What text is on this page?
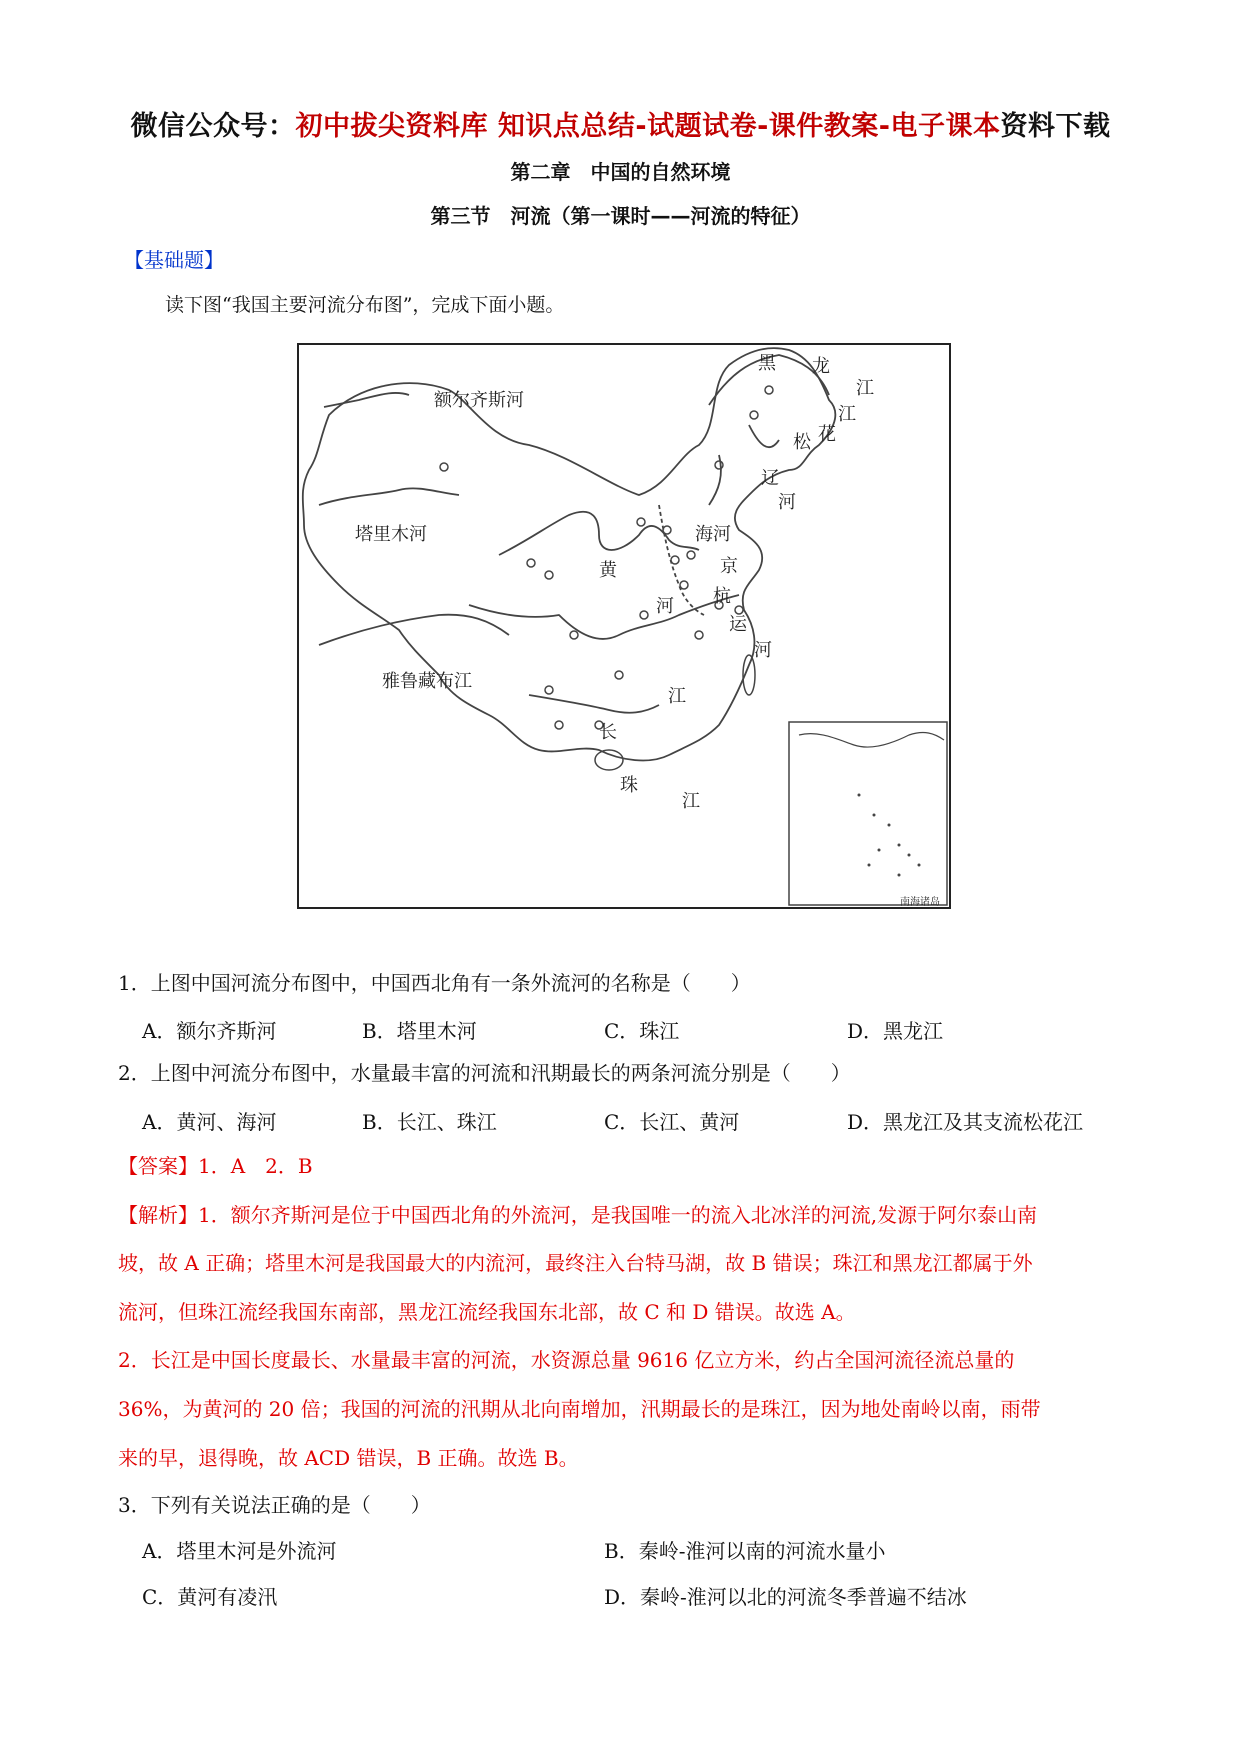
微信公众号：初中拔尖资料库 知识点总结-试题试卷-课件教案-电子课本资料下载
第二章　中国的自然环境
第三节　河流（第一课时——河流的特征）
【基础题】
读下图“我国主要河流分布图”，完成下面小题。
额尔齐斯河
塔里木河
雅鲁藏布江
黑 龙
江
江
花
松
辽
河
海河
京
杭
运
河
黄
河
江
长
珠
江
南海诸岛
1．上图中国河流分布图中，中国西北角有一条外流河的名称是（　　）
A．额尔齐斯河	B．塔里木河	C．珠江	D．黑龙江
2．上图中河流分布图中，水量最丰富的河流和汛期最长的两条河流分别是（　　）
A．黄河、海河	B．长江、珠江	C．长江、黄河	D．黑龙江及其支流松花江
【答案】1．A　2．B
【解析】1．额尔齐斯河是位于中国西北角的外流河，是我国唯一的流入北冰洋的河流,发源于阿尔泰山南
坡，故 A 正确；塔里木河是我国最大的内流河，最终注入台特马湖，故 B 错误；珠江和黑龙江都属于外
流河，但珠江流经我国东南部，黑龙江流经我国东北部，故 C 和 D 错误。故选 A。
2．长江是中国长度最长、水量最丰富的河流，水资源总量 9616 亿立方米，约占全国河流径流总量的
36%，为黄河的 20 倍；我国的河流的汛期从北向南增加，汛期最长的是珠江，因为地处南岭以南，雨带
来的早，退得晚，故 ACD 错误，B 正确。故选 B。
3．下列有关说法正确的是（　　）
A．塔里木河是外流河	B．秦岭-淮河以南的河流水量小
C．黄河有凌汛	D．秦岭-淮河以北的河流冬季普遍不结冰
